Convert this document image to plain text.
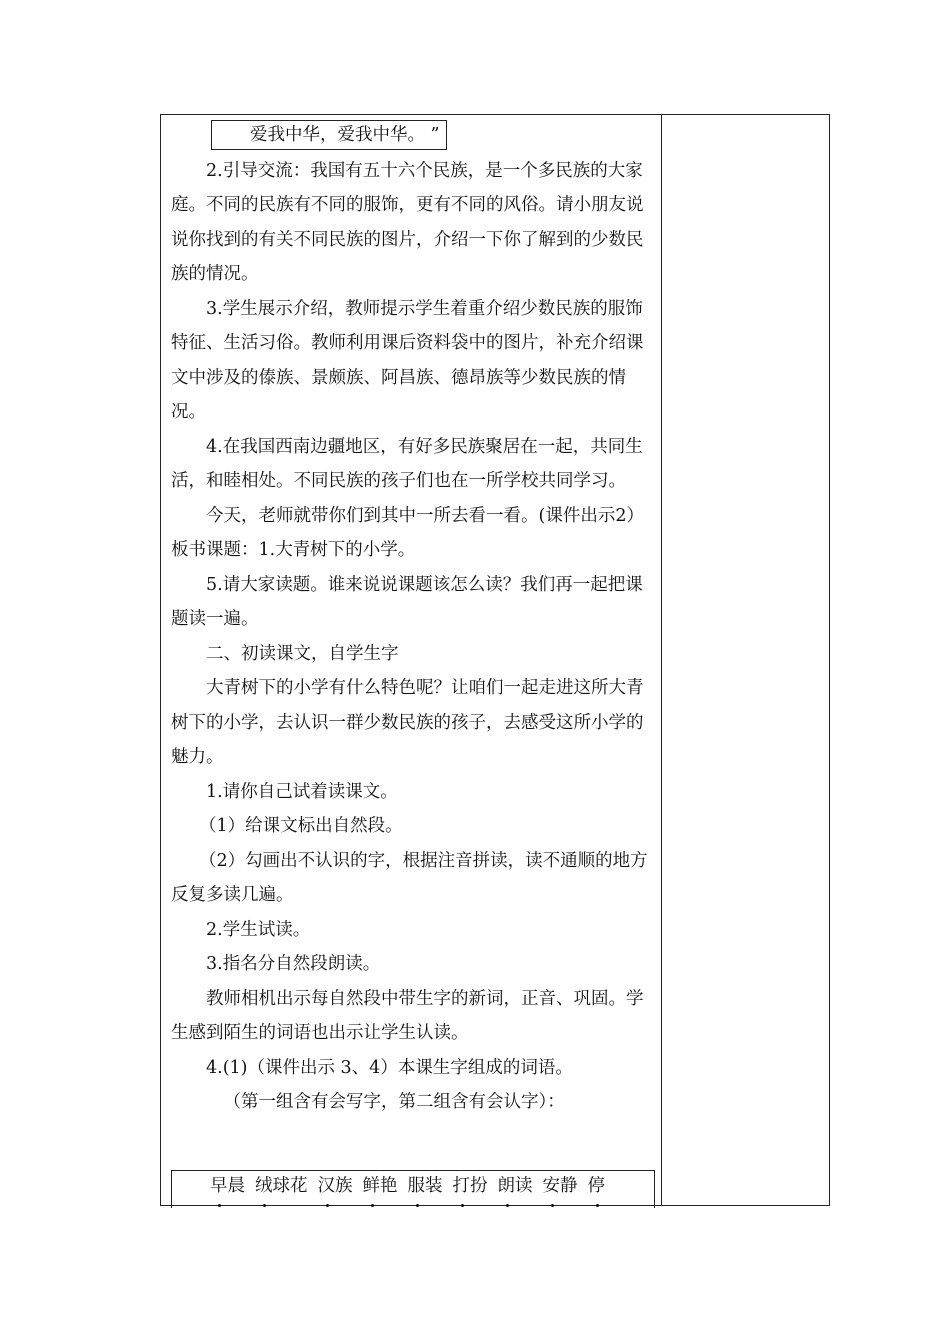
爱我中华，爱我中华。 ”

2.引导交流：我国有五十六个民族，是一个多民族的大家庭。不同的民族有不同的服饰，更有不同的风俗。请小朋友说说你找到的有关不同民族的图片，介绍一下你了解到的少数民族的情况。

3.学生展示介绍，教师提示学生着重介绍少数民族的服饰特征、生活习俗。教师利用课后资料袋中的图片，补充介绍课文中涉及的傣族、景颇族、阿昌族、德昂族等少数民族的情况。

4.在我国西南边疆地区，有好多民族聚居在一起，共同生活，和睦相处。不同民族的孩子们也在一所学校共同学习。

今天，老师就带你们到其中一所去看一看。(课件出示2）板书课题：1.大青树下的小学。

5.请大家读题。谁来说说课题该怎么读？我们再一起把课题读一遍。

二、初读课文，自学生字

大青树下的小学有什么特色呢？让咱们一起走进这所大青树下的小学，去认识一群少数民族的孩子，去感受这所小学的魅力。

1.请你自己试着读课文。

（1）给课文标出自然段。

（2）勾画出不认识的字，根据注音拼读，读不通顺的地方反复多读几遍。

2.学生试读。

3.指名分自然段朗读。

教师相机出示每自然段中带生字的新词，正音、巩固。学生感到陌生的词语也出示让学生认读。

4.(1)（课件出示 3、4）本课生字组成的词语。

（第一组含有会写字，第二组含有会认字）：

早晨 绒球花 汉族 鲜艳 服装 打扮 朗读 安静 停
